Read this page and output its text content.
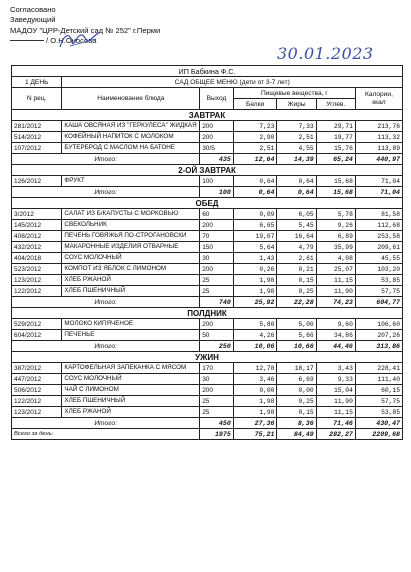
Согласовано
Заведующий
МАДОУ "ЦРР-Детский сад № 252" г.Перми
/ О.Н.Оносова
30.01.2023
ИП Бабкина Ф.С.						
1 ДЕНЬ	САД ОБЩЕЕ МЕНЮ (дети от 3-7 лет)					
N рец.	Наименование блюда	Выход	Пищевые вещества, г			Калории, ккал
			Белки	Жиры	Углев.	
ЗАВТРАК						
281/2012	КАША ОВСЯНАЯ ИЗ "ГЕРКУЛЕСА" ЖИДКАЯ	200	7,23	7,33	29,71	213,76
514/2012	КОФЕЙНЫЙ НАПИТОК С МОЛОКОМ	200	2,90	2,51	19,77	113,32
107/2012	БУТЕРБРОД С МАСЛОМ НА БАТОНЕ	30/5	2,51	4,55	15,76	113,89
Итого:		435	12,64	14,39	65,24	440,97
2-ОЙ ЗАВТРАК						
126/2012	ФРУКТ	100	0,64	0,64	15,68	71,04
Итого:		100	0,64	0,64	15,68	71,04
ОБЕД						
3/2012	САЛАТ ИЗ Б/КАПУСТЫ С МОРКОВЬЮ	60	0,09	6,05	5,78	81,58
145/2012	СВЕКОЛЬНИК	200	6,65	5,45	9,26	112,68
408/2012	ПЕЧЕНЬ ГОВЯЖЬЯ ПО-СТРОГАНОВСКИ	70	19,07	16,64	6,89	253,58
432/2012	МАКАРОННЫЕ ИЗДЕЛИЯ ОТВАРНЫЕ	150	5,64	4,79	35,99	209,61
404/2018	СОУС МОЛОЧНЫЙ	30	1,43	2,61	4,08	45,55
523/2012	КОМПОТ ИЗ ЯБЛОК С ЛИМОНОМ	200	0,26	0,21	25,07	103,20
123/2012	ХЛЕБ РЖАНОЙ	25	1,98	0,15	11,15	53,85
122/2012	ХЛЕБ ПШЕНИЧНЫЙ	25	1,98	0,25	11,90	57,75
Итого:		740	25,92	22,28	74,23	604,77
ПОЛДНИК						
529/2012	МОЛОКО КИПЯЧЕНОЕ	200	5,80	5,00	9,60	106,60
604/2012	ПЕЧЕНЬЕ	50	4,26	5,66	34,86	207,26
Итого:		250	10,06	10,66	44,46	313,86
УЖИН						
387/2012	КАРТОФЕЛЬНАЯ ЗАПЕКАНКА С МЯСОМ	170	12,78	18,17	3,43	228,41
447/2012	СОУС МОЛОЧНЫЙ	30	3,46	6,69	9,33	111,40
506/2012	ЧАЙ С ЛИМОНОМ	200	0,00	0,00	15,04	60,15
122/2012	ХЛЕБ ПШЕНИЧНЫЙ	25	1,98	0,25	11,90	57,75
123/2012	ХЛЕБ РЖАНОЙ	25	1,98	0,15	11,15	53,85
Итого:		450	27,36	8,36	71,46	430,47
Всего за день:		1975	75,21	84,49	282,27	2209,68
